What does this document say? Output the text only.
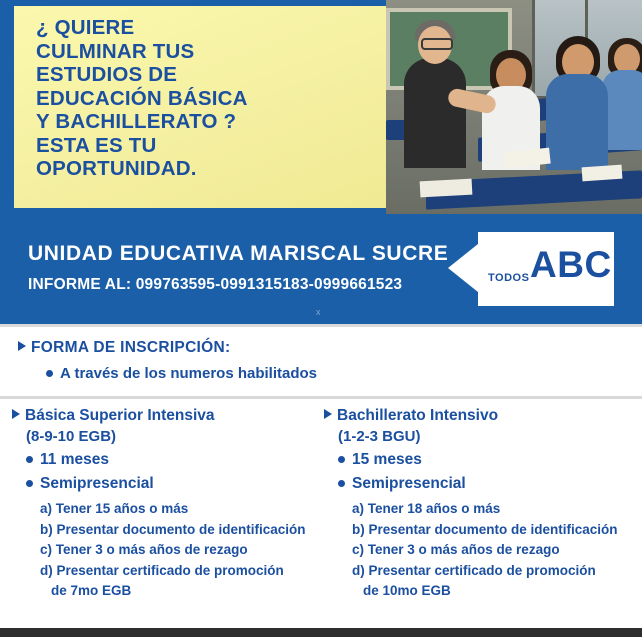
¿ QUIERE
CULMINAR TUS
ESTUDIOS DE
EDUCACIÓN BÁSICA
Y BACHILLERATO ?
ESTA ES TU
OPORTUNIDAD.
UNIDAD EDUCATIVA MARISCAL SUCRE
INFORME AL: 099763595-0991315183-0999661523
x
TODOS ABC
FORMA DE INSCRIPCIÓN:
A través de los numeros habilitados
Básica Superior Intensiva
(8-9-10 EGB)
11 meses
Semipresencial
a) Tener 15 años o más
b) Presentar documento de identificación
c) Tener 3 o más años de rezago
d) Presentar certificado de promoción
de 7mo EGB
Bachillerato Intensivo
(1-2-3 BGU)
15 meses
Semipresencial
a) Tener 18 años o más
b) Presentar documento de identificación
c) Tener 3 o más años de rezago
d) Presentar certificado de promoción
de 10mo EGB
